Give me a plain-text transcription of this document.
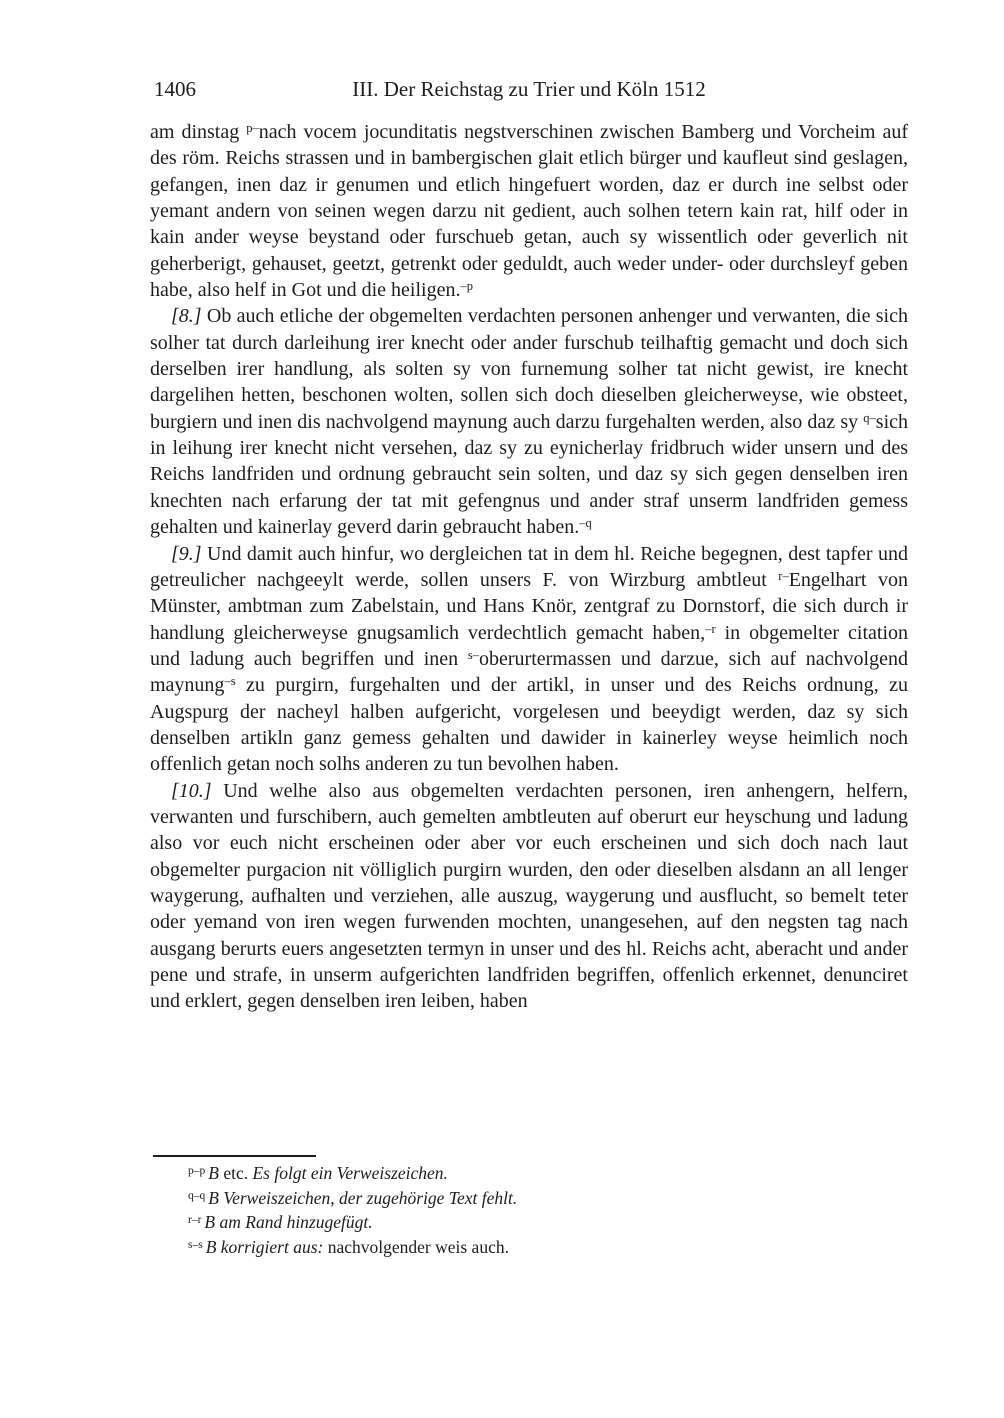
1406	III. Der Reichstag zu Trier und Köln 1512

am dinstag $^{p-}$nach vocem jocunditatis negstverschinen zwischen Bamberg und Vorcheim auf des röm. Reichs strassen und in bambergischen glait etlich bürger und kaufleut sind geslagen, gefangen, inen daz ir genumen und etlich hingefuert worden, daz er durch ine selbst oder yemant andern von seinen wegen darzu nit gedient, auch solhen tetern kain rat, hilf oder in kain ander weyse beystand oder furschueb getan, auch sy wissentlich oder geverlich nit geherberigt, gehauset, geetzt, getrenkt oder geduldt, auch weder under- oder durchsleyf geben habe, also helf in Got und die heiligen.$^{-p}$

[8.] Ob auch etliche der obgemelten verdachten personen anhenger und verwanten, die sich solher tat durch darleihung irer knecht oder ander furschub teilhaftig gemacht und doch sich derselben irer handlung, als solten sy von furnemung solher tat nicht gewist, ire knecht dargelihen hetten, beschonen wolten, sollen sich doch dieselben gleicherweyse, wie obsteet, burgiern und inen dis nachvolgend maynung auch darzu furgehalten werden, also daz sy $^{q-}$sich in leihung irer knecht nicht versehen, daz sy zu eynicherlay fridbruch wider unsern und des Reichs landfriden und ordnung gebraucht sein solten, und daz sy sich gegen denselben iren knechten nach erfarung der tat mit gefengnus und ander straf unserm landfriden gemess gehalten und kainerlay geverd darin gebraucht haben.$^{-q}$

[9.] Und damit auch hinfur, wo dergleichen tat in dem hl. Reiche begegnen, dest tapfer und getreulicher nachgeeylt werde, sollen unsers F. von Wirzburg ambtleut $^{r-}$Engelhart von Münster, ambtman zum Zabelstain, und Hans Knör, zentgraf zu Dornstorf, die sich durch ir handlung gleicherweyse gnugsamlich verdechtlich gemacht haben,$^{-r}$ in obgemelter citation und ladung auch begriffen und inen $^{s-}$oberurtermassen und darzue, sich auf nachvolgend maynung$^{-s}$ zu purgirn, furgehalten und der artikl, in unser und des Reichs ordnung, zu Augspurg der nacheyl halben aufgericht, vorgelesen und beeydigt werden, daz sy sich denselben artikln ganz gemess gehalten und dawider in kainerley weyse heimlich noch offenlich getan noch solhs anderen zu tun bevolhen haben.

[10.] Und welhe also aus obgemelten verdachten personen, iren anhengern, helfern, verwanten und furschibern, auch gemelten ambtleuten auf oberurt eur heyschung und ladung also vor euch nicht erscheinen oder aber vor euch erscheinen und sich doch nach laut obgemelter purgacion nit völliglich purgirn wurden, den oder dieselben alsdann an all lenger waygerung, aufhalten und verziehen, alle auszug, waygerung und ausflucht, so bemelt teter oder yemand von iren wegen furwenden mochten, unangesehen, auf den negsten tag nach ausgang berurts euers angesetzten termyn in unser und des hl. Reichs acht, aberacht und ander pene und strafe, in unserm aufgerichten landfriden begriffen, offenlich erkennet, denunciret und erklert, gegen denselben iren leiben, haben

$^{p-p}$ B etc. Es folgt ein Verweiszeichen.
$^{q-q}$ B Verweiszeichen, der zugehörige Text fehlt.
$^{r-r}$ B am Rand hinzugefügt.
$^{s-s}$ B korrigiert aus: nachvolgender weis auch.
